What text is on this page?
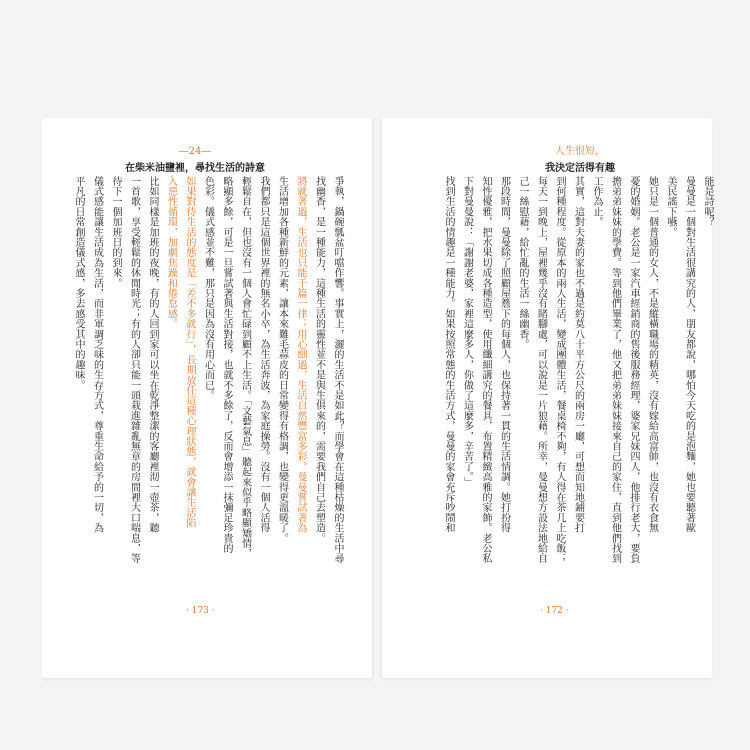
—24—
在柴米油鹽裡，尋找生活的詩意
人生很短，
我決定活得有趣

爭執，鍋碗瓢盆叮噹作響。事實上，灑的生活不是如此？而學會在這種枯燥的生活中尋

找幽香，是一種能力，這種生活的靈性並不是與生俱來的，需要我們自己去塑造。

將就著過，生活也只能千篇一律；用心細過，生活自然豐富多彩。曼曼嘗試著為

生活增加各種新鮮的元素，讓本來難毛蒜皮的日常變得有格調，也變得更溫暖了。

我們都只是這個世界裡的無名小卒，為生活奔波，為家庭操勞。沒有一個人活得

輕鬆自在，但也沒有一個人會忙碌到顧不上生活。「文藝氣息」聽起來似乎略顯矯情，

略顯多餘，可是一旦嘗試著與生活對接，也就不多餘了，反而會增添一抹彌足珍貴的

色彩。儀式感並不難，那只是因為沒有用心而已。

如果對待生活的態度是「差不多就行」，長期放任這種心理狀態，就會讓生活陷

入惡性循環，加劇焦躁和倦怠感。

比如同樣是加班的夜晚，有的人回到家可以坐在乾淨整潔的客廳裡沏一壺茶，聽

一首歌，享受輕鬆的休閒時光；有的人卻只能一頭栽進雜亂無章的房間裡大口喘息，等

待下一個加班日的到來。

儀式感能讓生活成為生活，而非軍調乏味的生存方式，尊重生命給予的一切，為

平凡的日常創造儀式感，多去感受其中的趣味。	能是詩呢？

曼曼是一個對生活很講究的人，朋友都說，哪怕今天吃的是泡麵，她也要聽著歐

美民謠下嚥。

她只是一個普通的女人，不是縱橫職場的精英，沒有嫁給高富帥，也沒有衣食無

憂的婚姻。老公是一家汽車經銷商的售後服務經理，婆家兄妹四人，他排行老大，要負

擔弟弟妹妹的學費。等到他們畢業了，他又把弟弟妹妹接來自己的家住，直到他們找到

工作為止。

其實，這對夫妻的家也不過是約莫八十平方公尺的兩房一廳，可想而知地鋪要打

到何種程度。從原本的兩人生活，變成團體生活，餐桌椅不夠，有人得在茶几上吃飯；

每天一到晚上，屋裡幾乎沒有睹腳處，可以說是一片狼藉。所幸，曼曼想方設法地給自

己一絲慰藉，給忙亂的生活一絲幽香。

那段時間，曼曼除了照顧屋簷下的每個人，也保持著一貫的生活情調。她打扮得

知性優雅，把水果切成各種造型，使用纖細講究的餐具，布置精緻高雅的家飾。老公私

下對曼曼說：「謝謝老婆，家裡這麼多人，你做了這麼多，辛苦了。」

找到生活的情趣是一種能力。如果按照常態的生活方式，曼曼的家會充斥吵鬧和

· 173 ·	· 172 ·
